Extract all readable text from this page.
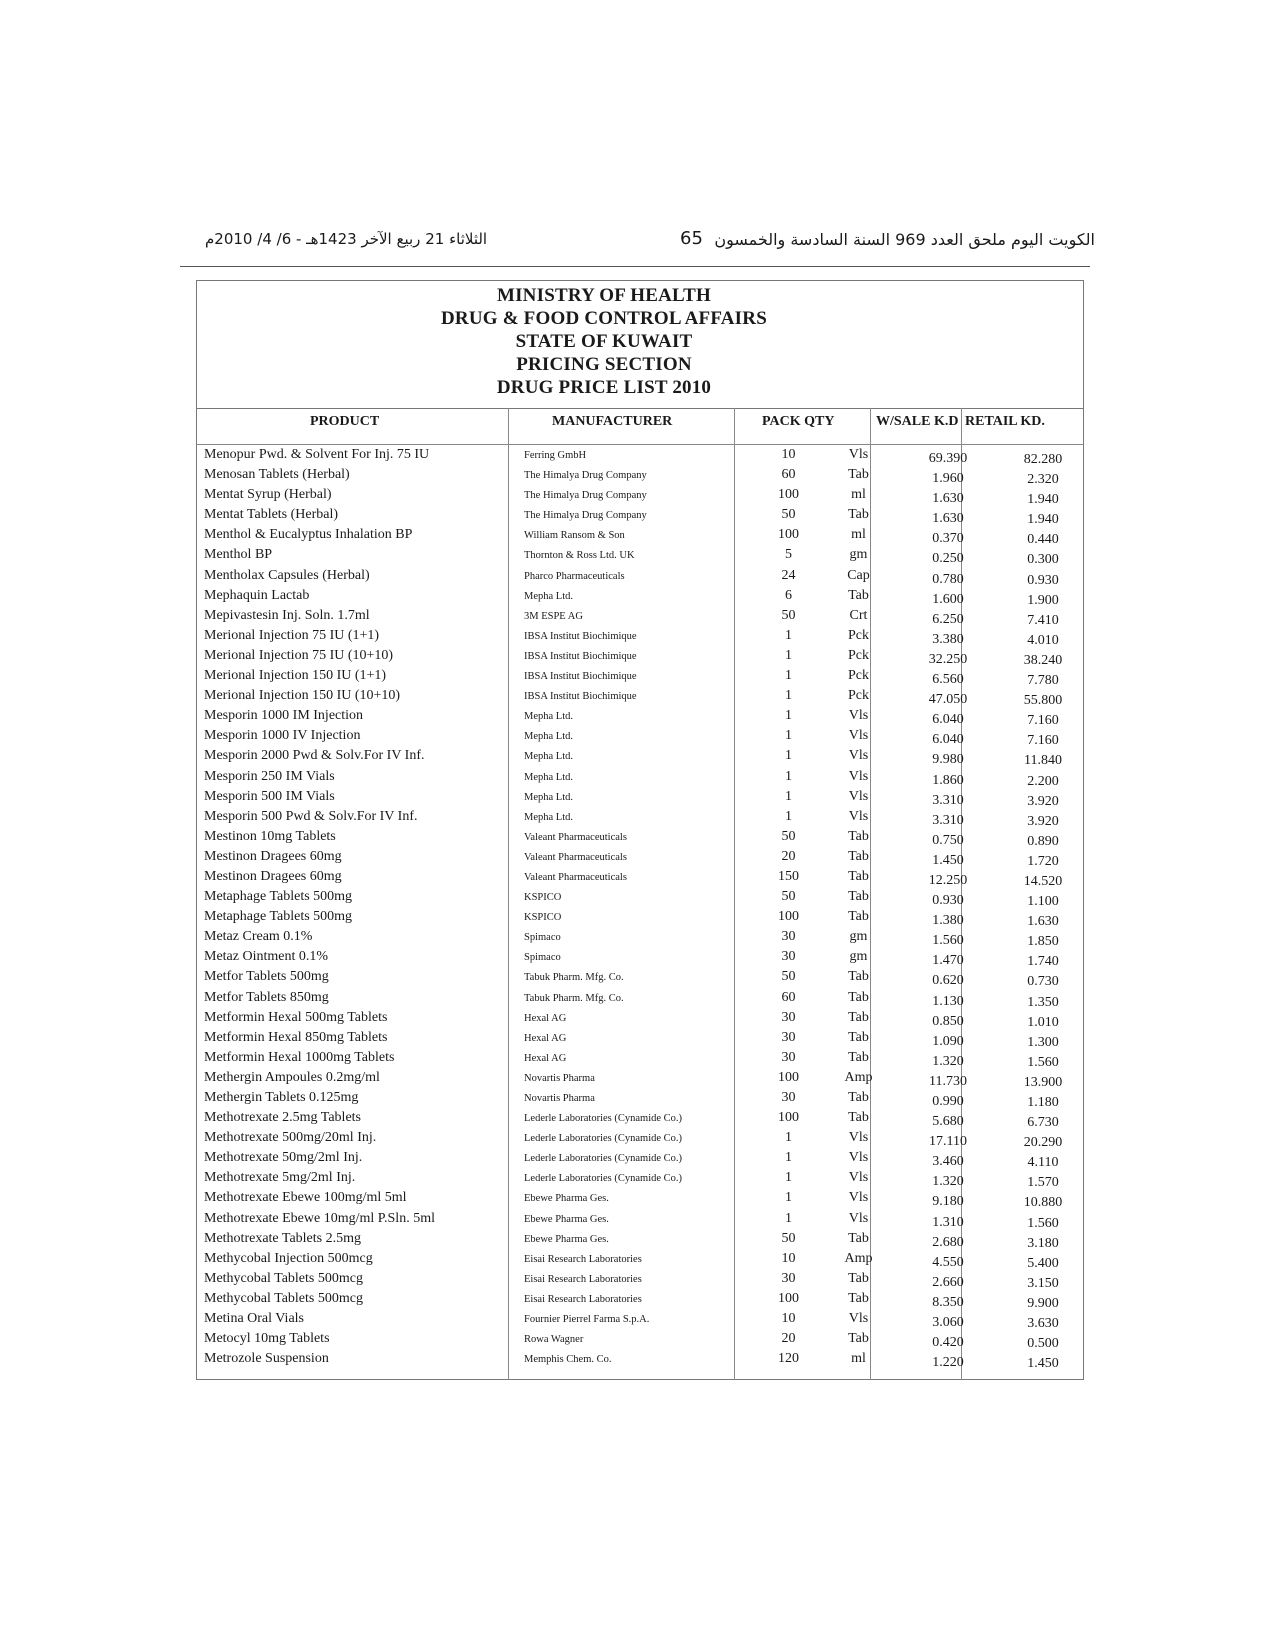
الثلاثاء 21 ربيع الآخر 1423هـ - 6/ 4/ 2010م	65 الكويت اليوم ملحق العدد 969 السنة السادسة والخمسون
MINISTRY OF HEALTH
DRUG & FOOD CONTROL AFFAIRS
STATE OF KUWAIT
PRICING SECTION
DRUG PRICE LIST 2010
PRODUCT	MANUFACTURER	PACK QTY	W/SALE K.D RETAIL KD.
Menopur Pwd. & Solvent For Inj. 75 IU	Ferring GmbH	10	Vls	69.390	82.280
Menosan Tablets (Herbal)	The Himalya Drug Company	60	Tab	1.960	2.320
Mentat Syrup (Herbal)	The Himalya Drug Company	100	ml	1.630	1.940
Mentat Tablets (Herbal)	The Himalya Drug Company	50	Tab	1.630	1.940
Menthol & Eucalyptus Inhalation BP	William Ransom & Son	100	ml	0.370	0.440
Menthol BP	Thornton & Ross Ltd. UK	5	gm	0.250	0.300
Mentholax Capsules (Herbal)	Pharco Pharmaceuticals	24	Cap	0.780	0.930
Mephaquin Lactab	Mepha Ltd.	6	Tab	1.600	1.900
Mepivastesin Inj. Soln. 1.7ml	3M ESPE AG	50	Crt	6.250	7.410
Merional Injection 75 IU (1+1)	IBSA Institut Biochimique	1	Pck	3.380	4.010
Merional Injection 75 IU (10+10)	IBSA Institut Biochimique	1	Pck	32.250	38.240
Merional Injection 150 IU (1+1)	IBSA Institut Biochimique	1	Pck	6.560	7.780
Merional Injection 150 IU (10+10)	IBSA Institut Biochimique	1	Pck	47.050	55.800
Mesporin 1000 IM Injection	Mepha Ltd.	1	Vls	6.040	7.160
Mesporin 1000 IV Injection	Mepha Ltd.	1	Vls	6.040	7.160
Mesporin 2000 Pwd & Solv.For IV Inf.	Mepha Ltd.	1	Vls	9.980	11.840
Mesporin 250 IM Vials	Mepha Ltd.	1	Vls	1.860	2.200
Mesporin 500 IM Vials	Mepha Ltd.	1	Vls	3.310	3.920
Mesporin 500 Pwd & Solv.For IV Inf.	Mepha Ltd.	1	Vls	3.310	3.920
Mestinon 10mg Tablets	Valeant Pharmaceuticals	50	Tab	0.750	0.890
Mestinon Dragees 60mg	Valeant Pharmaceuticals	20	Tab	1.450	1.720
Mestinon Dragees 60mg	Valeant Pharmaceuticals	150	Tab	12.250	14.520
Metaphage Tablets 500mg	KSPICO	50	Tab	0.930	1.100
Metaphage Tablets 500mg	KSPICO	100	Tab	1.380	1.630
Metaz Cream 0.1%	Spimaco	30	gm	1.560	1.850
Metaz Ointment 0.1%	Spimaco	30	gm	1.470	1.740
Metfor Tablets 500mg	Tabuk Pharm. Mfg. Co.	50	Tab	0.620	0.730
Metfor Tablets 850mg	Tabuk Pharm. Mfg. Co.	60	Tab	1.130	1.350
Metformin Hexal 500mg Tablets	Hexal AG	30	Tab	0.850	1.010
Metformin Hexal 850mg Tablets	Hexal AG	30	Tab	1.090	1.300
Metformin Hexal 1000mg Tablets	Hexal AG	30	Tab	1.320	1.560
Methergin Ampoules 0.2mg/ml	Novartis Pharma	100	Amp	11.730	13.900
Methergin Tablets 0.125mg	Novartis Pharma	30	Tab	0.990	1.180
Methotrexate 2.5mg Tablets	Lederle Laboratories (Cynamide Co.)	100	Tab	5.680	6.730
Methotrexate 500mg/20ml Inj.	Lederle Laboratories (Cynamide Co.)	1	Vls	17.110	20.290
Methotrexate 50mg/2ml Inj.	Lederle Laboratories (Cynamide Co.)	1	Vls	3.460	4.110
Methotrexate 5mg/2ml Inj.	Lederle Laboratories (Cynamide Co.)	1	Vls	1.320	1.570
Methotrexate Ebewe 100mg/ml 5ml	Ebewe Pharma Ges.	1	Vls	9.180	10.880
Methotrexate Ebewe 10mg/ml P.Sln. 5ml	Ebewe Pharma Ges.	1	Vls	1.310	1.560
Methotrexate Tablets 2.5mg	Ebewe Pharma Ges.	50	Tab	2.680	3.180
Methycobal Injection 500mcg	Eisai Research Laboratories	10	Amp	4.550	5.400
Methycobal Tablets 500mcg	Eisai Research Laboratories	30	Tab	2.660	3.150
Methycobal Tablets 500mcg	Eisai Research Laboratories	100	Tab	8.350	9.900
Metina Oral Vials	Fournier Pierrel Farma S.p.A.	10	Vls	3.060	3.630
Metocyl 10mg Tablets	Rowa Wagner	20	Tab	0.420	0.500
Metrozole Suspension	Memphis Chem. Co.	120	ml	1.220	1.450
